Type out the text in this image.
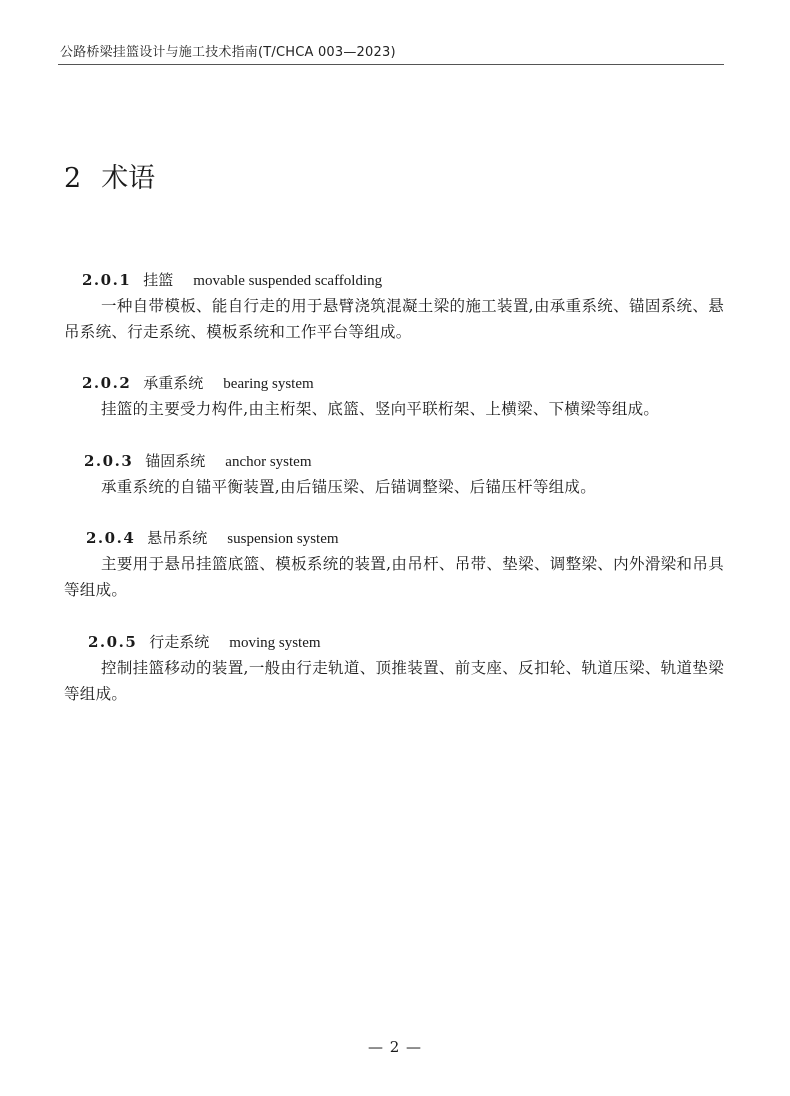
公路桥梁挂篮设计与施工技术指南(T/CHCA 003—2023)
2 术语
2.0.1 挂篮 movable suspended scaffolding

一种自带模板、能自行走的用于悬臂浇筑混凝土梁的施工装置,由承重系统、锚固系统、悬吊系统、行走系统、模板系统和工作平台等组成。

2.0.2 承重系统 bearing system

挂篮的主要受力构件,由主桁架、底篮、竖向平联桁架、上横梁、下横梁等组成。

2.0.3 锚固系统 anchor system

承重系统的自锚平衡装置,由后锚压梁、后锚调整梁、后锚压杆等组成。

2.0.4 悬吊系统 suspension system

主要用于悬吊挂篮底篮、模板系统的装置,由吊杆、吊带、垫梁、调整梁、内外滑梁和吊具等组成。

2.0.5 行走系统 moving system

控制挂篮移动的装置,一般由行走轨道、顶推装置、前支座、反扣轮、轨道压梁、轨道垫梁等组成。

— 2 —
